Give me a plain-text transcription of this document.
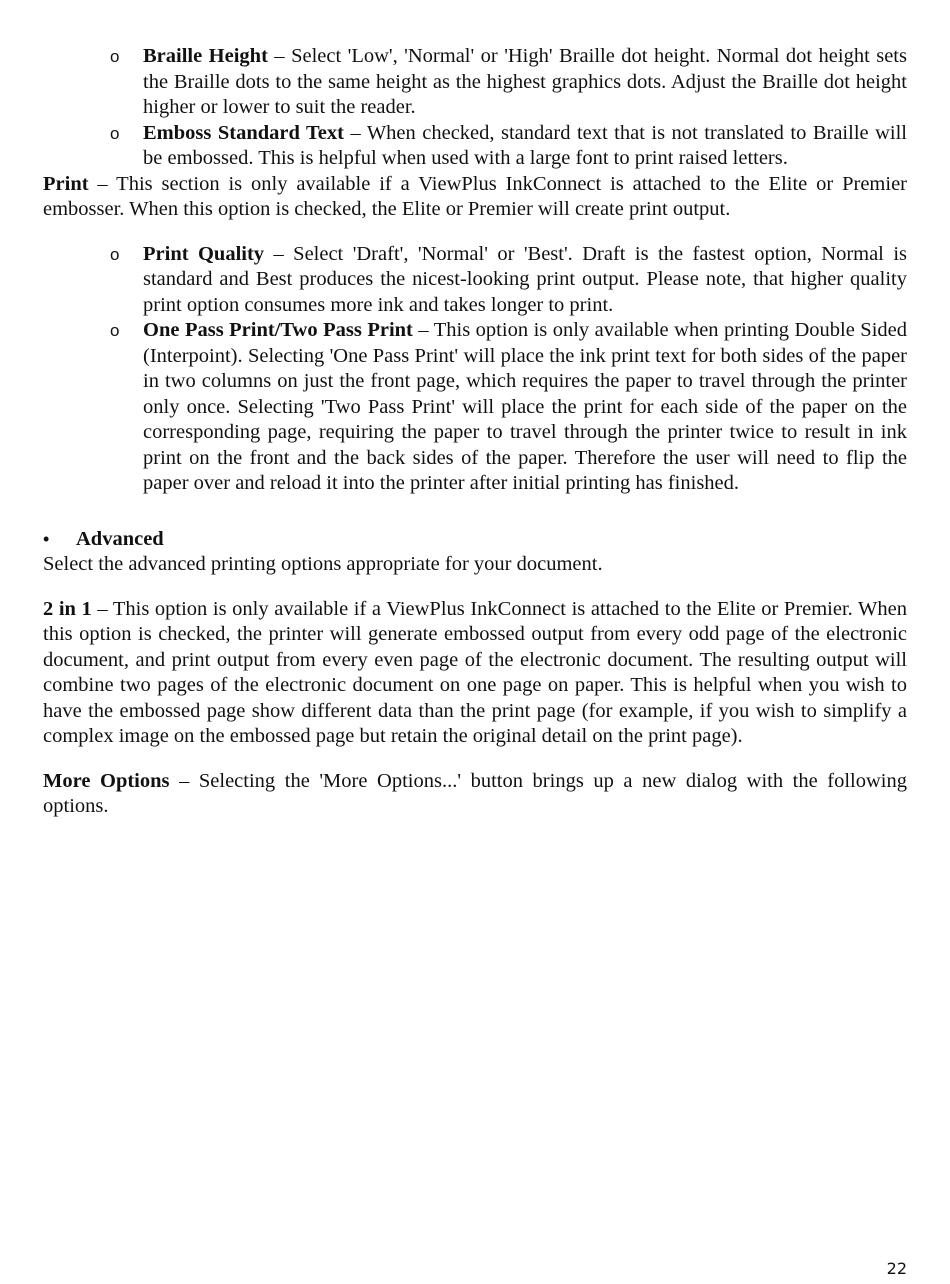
o	Braille Height – Select 'Low', 'Normal' or 'High' Braille dot height. Normal dot height sets the Braille dots to the same height as the highest graphics dots. Adjust the Braille dot height higher or lower to suit the reader.
o	Emboss Standard Text – When checked, standard text that is not translated to Braille will be embossed. This is helpful when used with a large font to print raised letters.

Print – This section is only available if a ViewPlus InkConnect is attached to the Elite or Premier embosser. When this option is checked, the Elite or Premier will create print output.

o	Print Quality – Select 'Draft', 'Normal' or 'Best'. Draft is the fastest option, Normal is standard and Best produces the nicest-looking print output. Please note, that higher quality print option consumes more ink and takes longer to print.
o	One Pass Print/Two Pass Print – This option is only available when printing Double Sided (Interpoint). Selecting 'One Pass Print' will place the ink print text for both sides of the paper in two columns on just the front page, which requires the paper to travel through the printer only once. Selecting 'Two Pass Print' will place the print for each side of the paper on the corresponding page, requiring the paper to travel through the printer twice to result in ink print on the front and the back sides of the paper. Therefore the user will need to flip the paper over and reload it into the printer after initial printing has finished.
• Advanced

Select the advanced printing options appropriate for your document.

2 in 1 – This option is only available if a ViewPlus InkConnect is attached to the Elite or Premier. When this option is checked, the printer will generate embossed output from every odd page of the electronic document, and print output from every even page of the electronic document. The resulting output will combine two pages of the electronic document on one page on paper. This is helpful when you wish to have the embossed page show different data than the print page (for example, if you wish to simplify a complex image on the embossed page but retain the original detail on the print page).

More Options – Selecting the 'More Options...' button brings up a new dialog with the following options.

22
